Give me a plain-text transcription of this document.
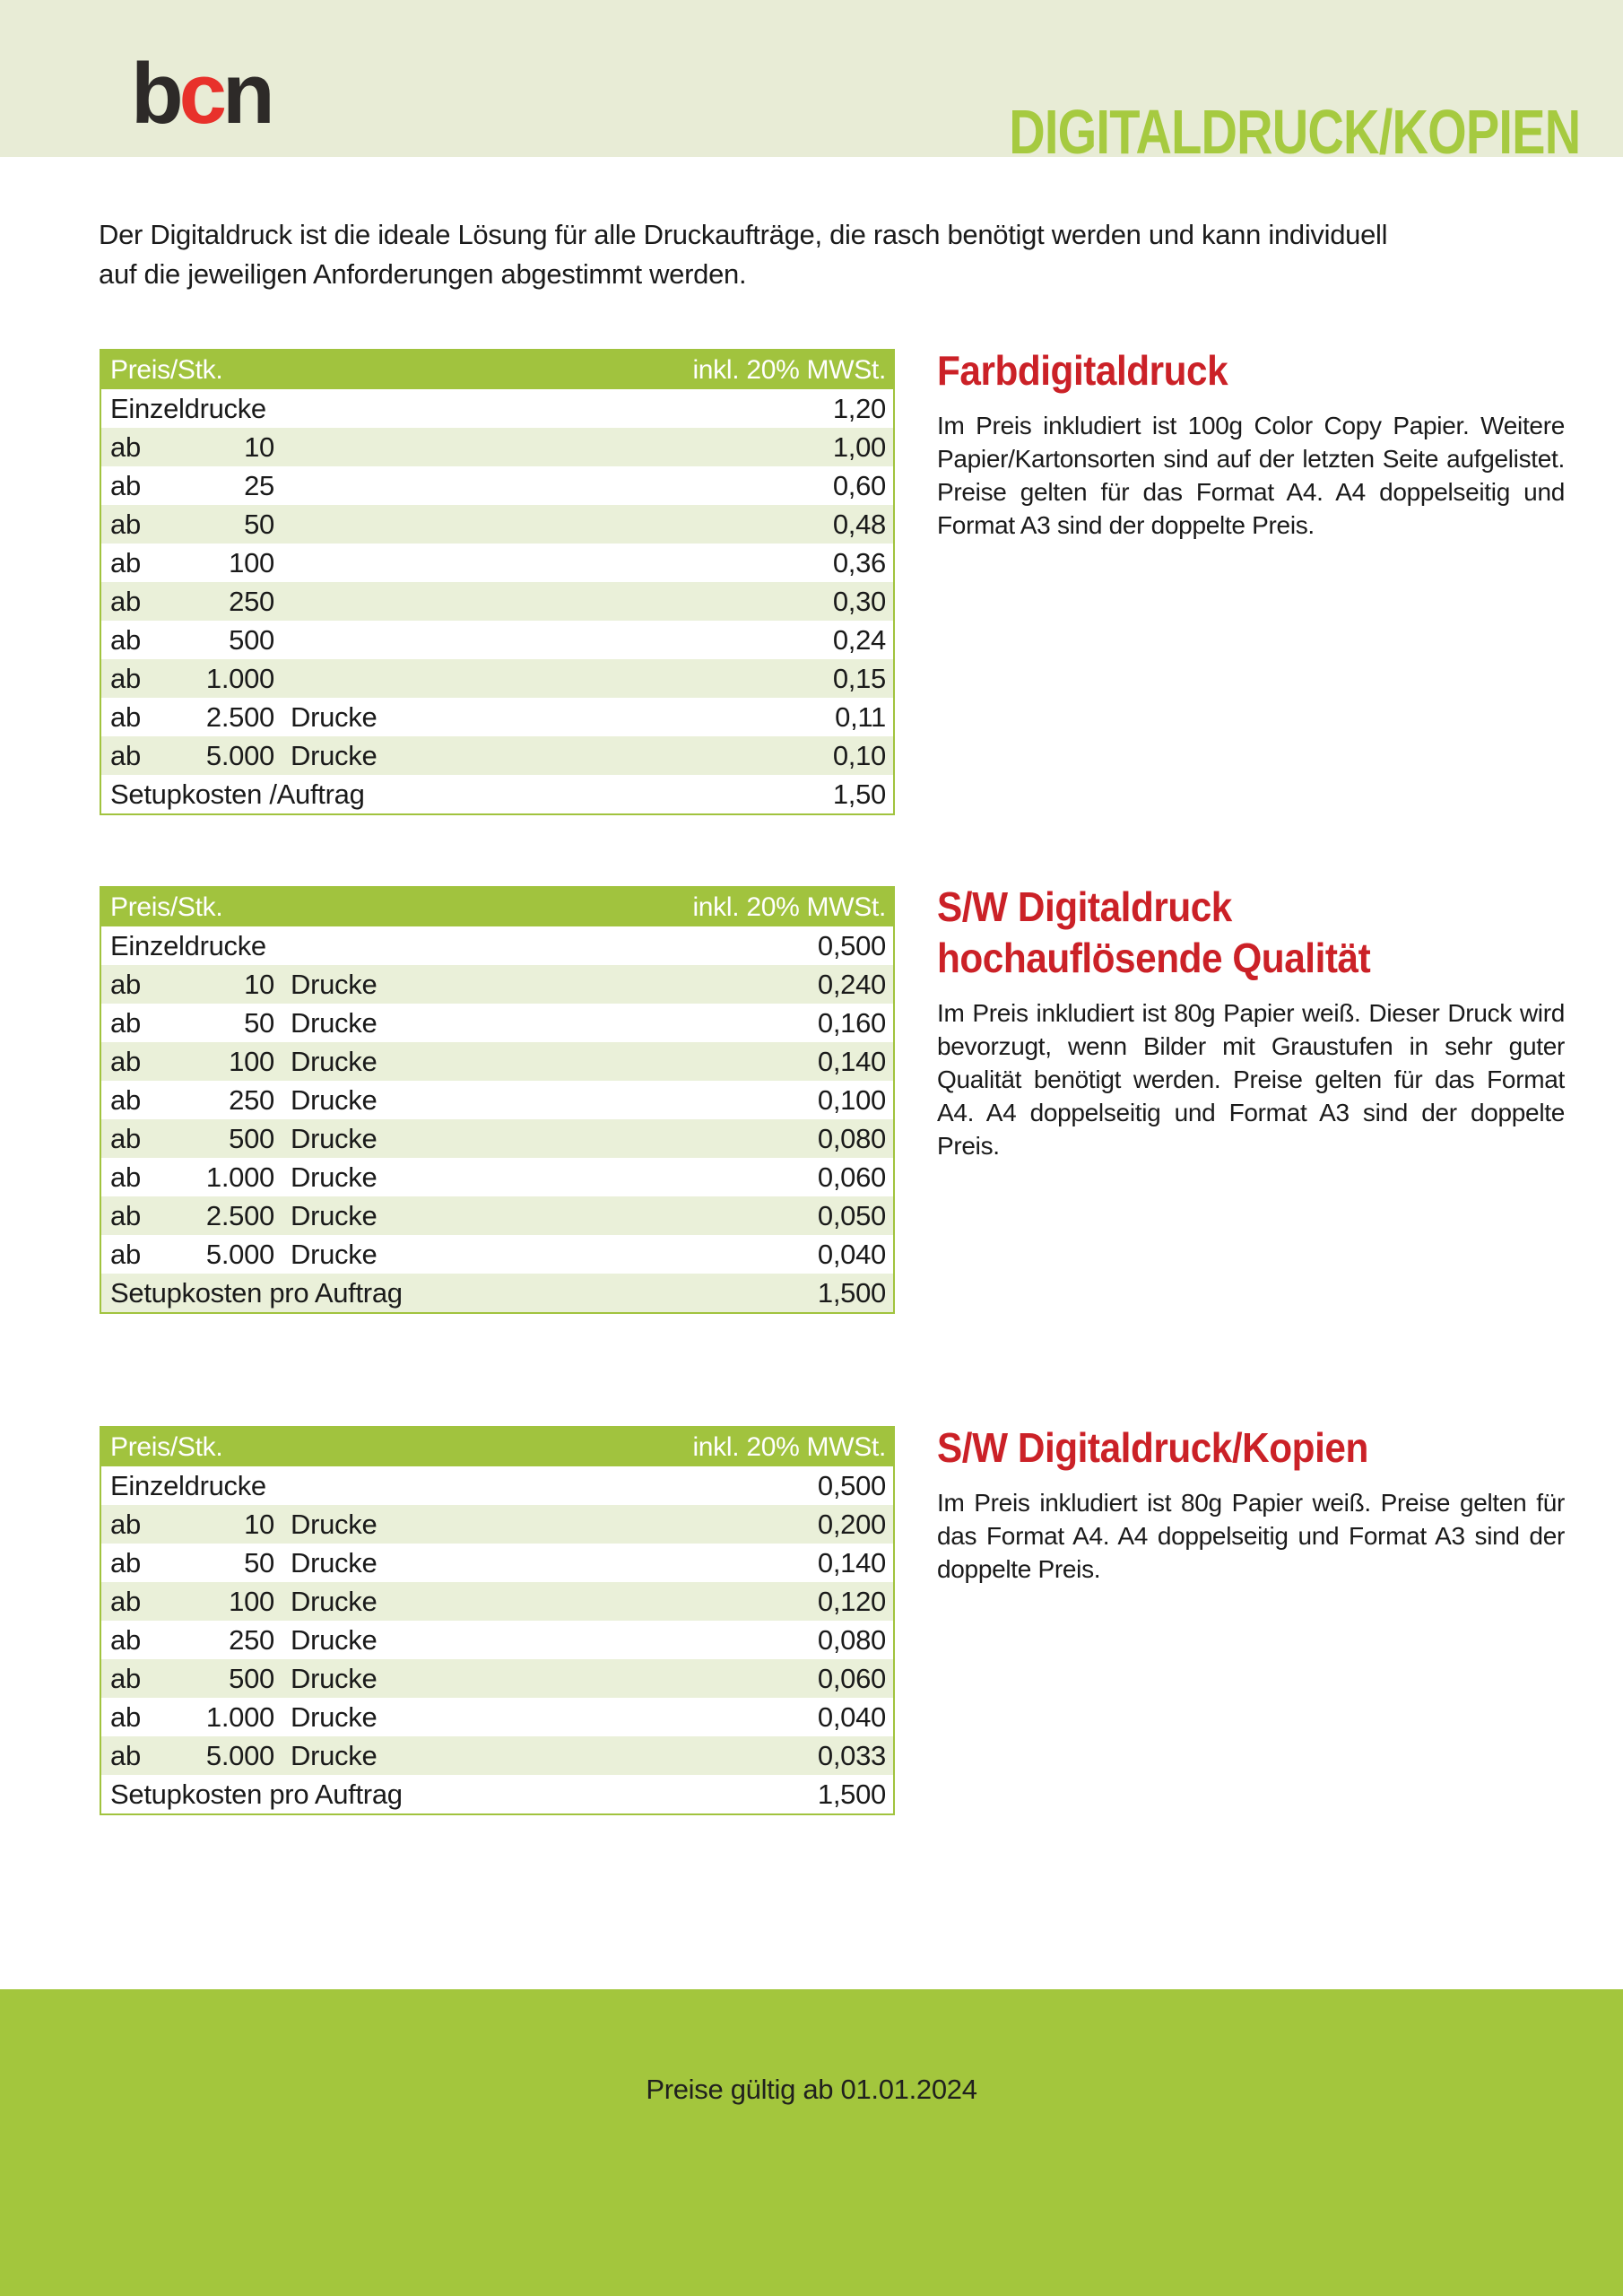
bcn	DIGITALDRUCK/KOPIEN
Der Digitaldruck ist die ideale Lösung für alle Druckaufträge, die rasch benötigt werden und kann individuell
auf die jeweiligen Anforderungen abgestimmt werden.
Preis/Stk.	inkl. 20% MWSt.
Einzeldrucke	1,20
ab	10	1,00
ab	25	0,60
ab	50	0,48
ab	100	0,36
ab	250	0,30
ab	500	0,24
ab	1.000	0,15
ab	2.500 Drucke	0,11
ab	5.000 Drucke	0,10
Setupkosten /Auftrag	1,50
Preis/Stk.	inkl. 20% MWSt.
Einzeldrucke	0,500
ab	10 Drucke	0,240
ab	50 Drucke	0,160
ab	100 Drucke	0,140
ab	250 Drucke	0,100
ab	500 Drucke	0,080
ab	1.000 Drucke	0,060
ab	2.500 Drucke	0,050
ab	5.000 Drucke	0,040
Setupkosten pro Auftrag	1,500
Preis/Stk.	inkl. 20% MWSt.
Einzeldrucke	0,500
ab	10 Drucke	0,200
ab	50 Drucke	0,140
ab	100 Drucke	0,120
ab	250 Drucke	0,080
ab	500 Drucke	0,060
ab	1.000 Drucke	0,040
ab	5.000 Drucke	0,033
Setupkosten pro Auftrag	1,500
Farbdigitaldruck
Im Preis inkludiert ist 100g Color Copy Papier. Weitere Papier/Kartonsorten sind auf der letzten Seite aufgelistet. Preise gelten für das Format A4. A4 doppelseitig und Format A3 sind der doppelte Preis.
S/W Digitaldruck
hochauflösende Qualität
Im Preis inkludiert ist 80g Papier weiß. Dieser Druck wird bevorzugt, wenn Bilder mit Graustufen in sehr guter Qualität benötigt werden. Preise gelten für das Format A4. A4 doppelseitig und Format A3 sind der doppelte Preis.
S/W Digitaldruck/Kopien
Im Preis inkludiert ist 80g Papier weiß. Preise gelten für das Format A4. A4 doppelseitig und Format A3 sind der doppelte Preis.
Preise gültig ab 01.01.2024
